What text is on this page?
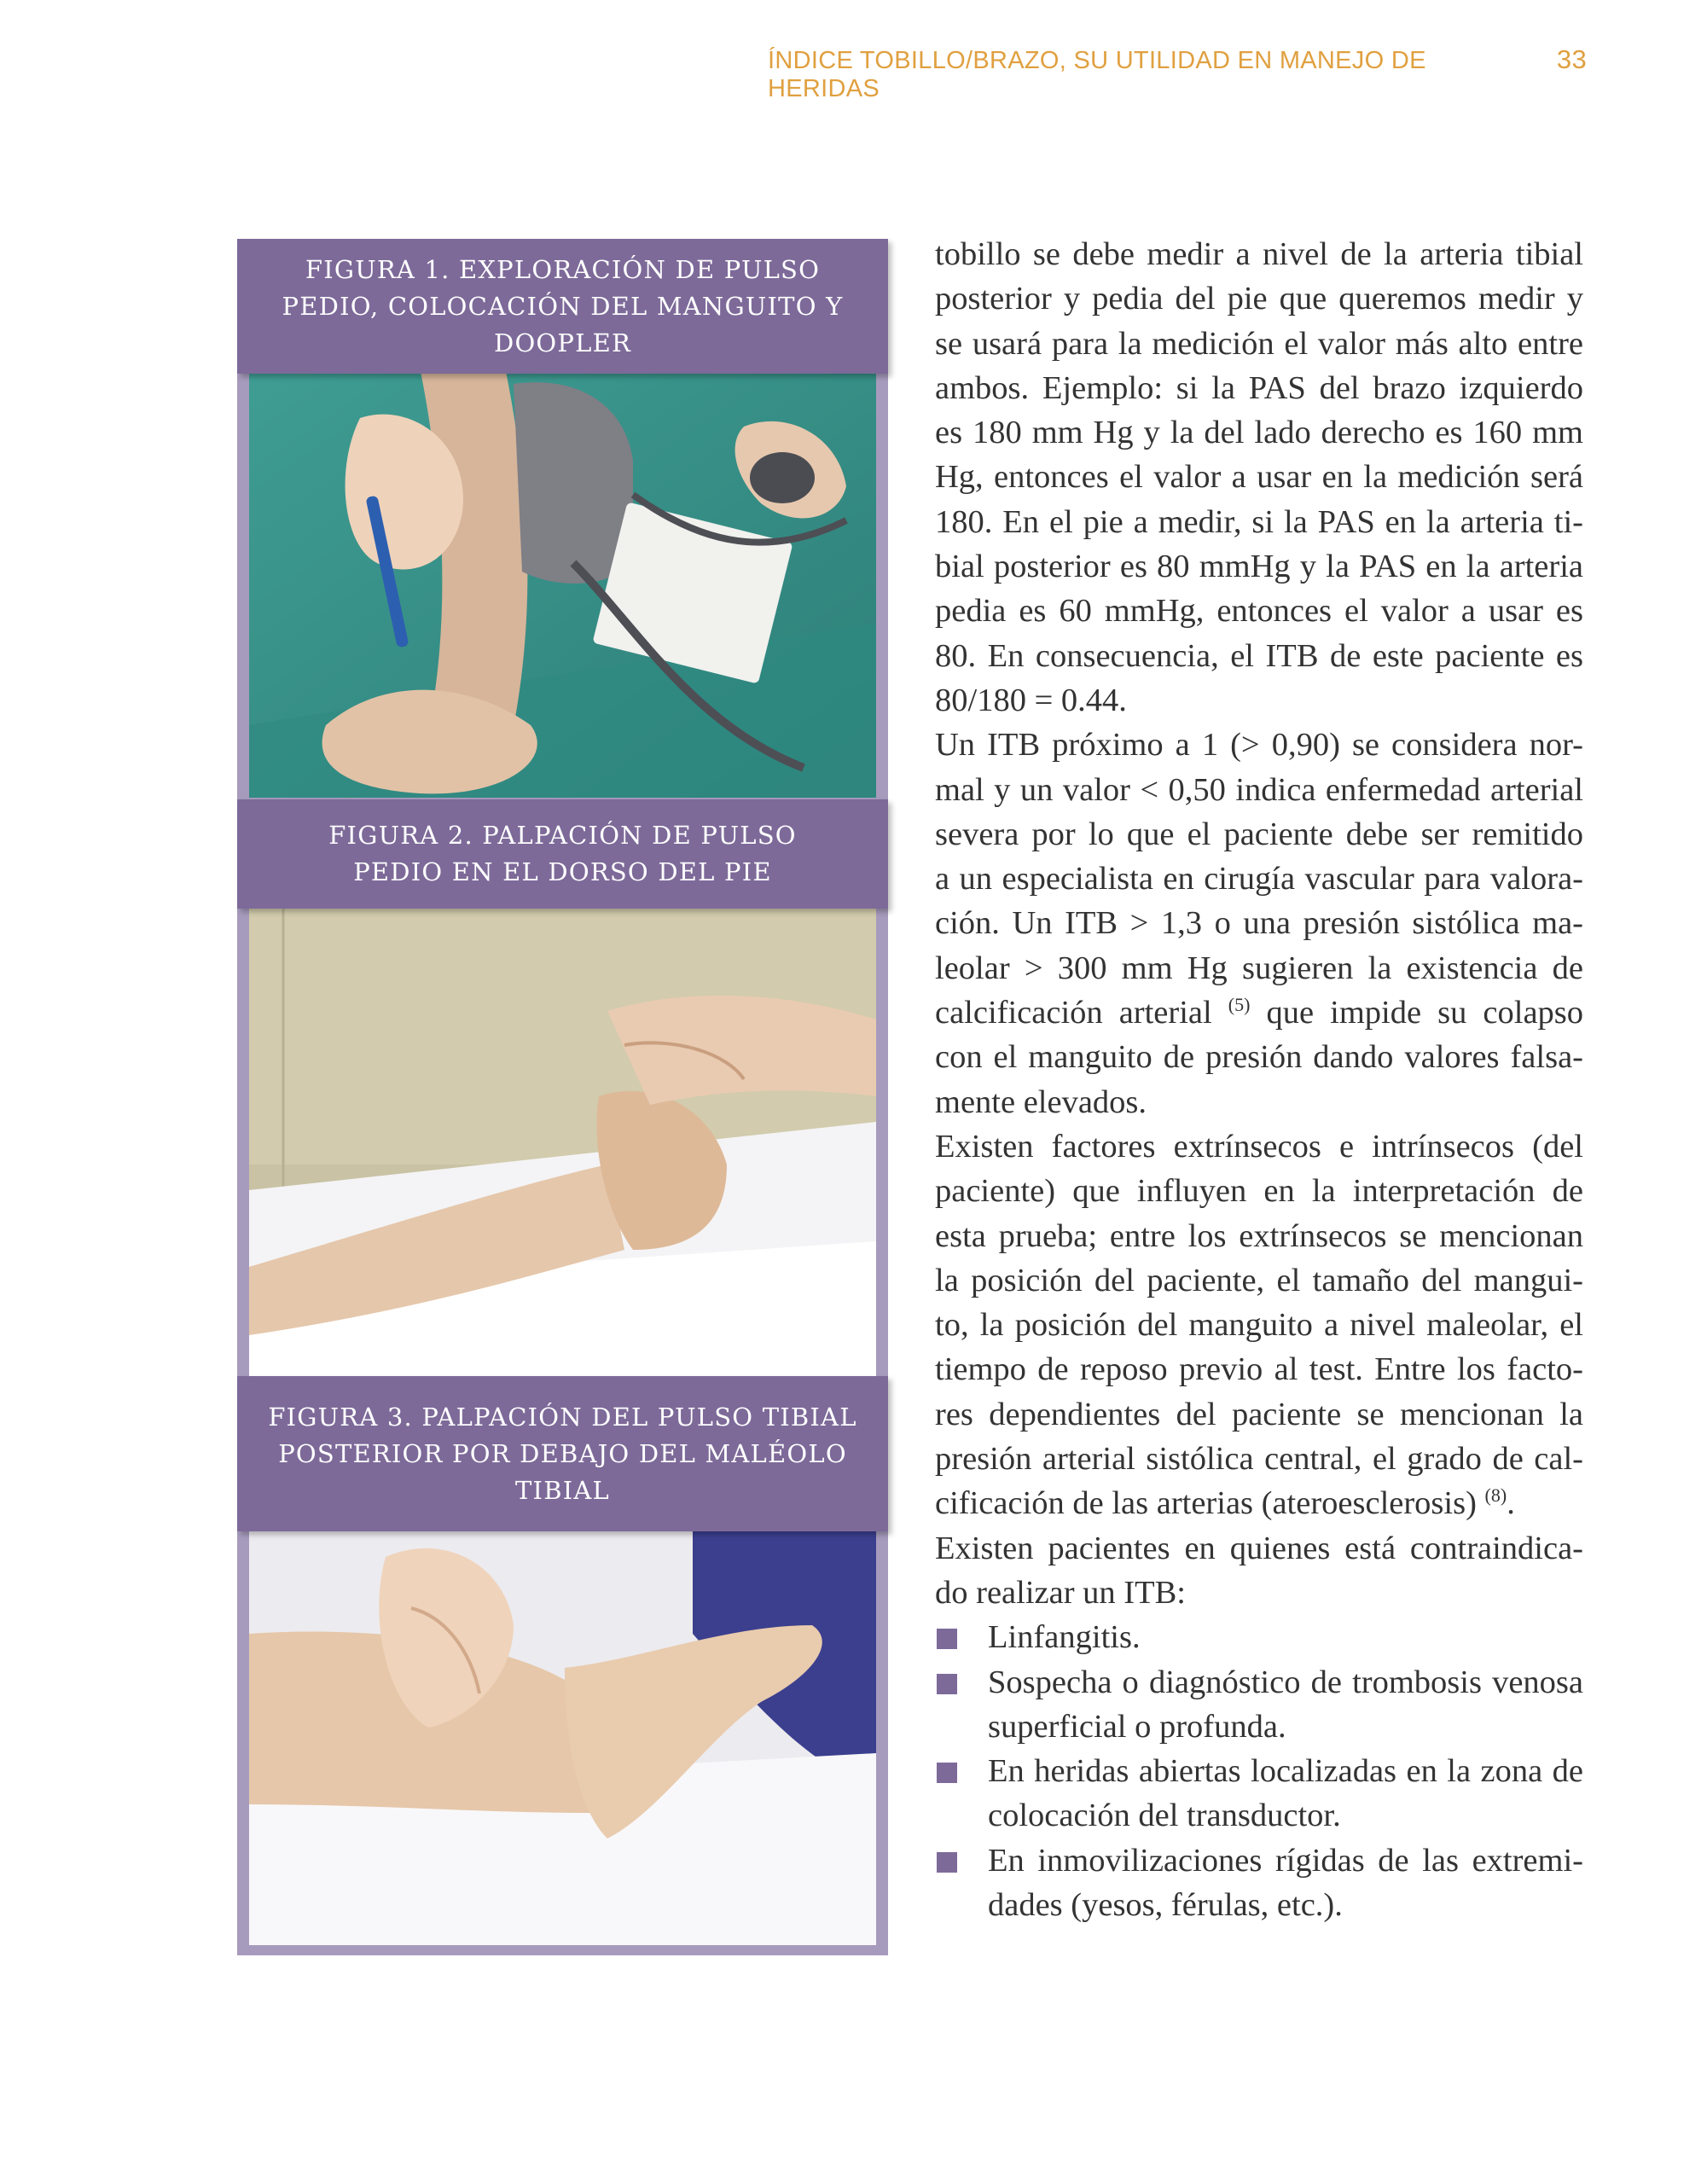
ÍNDICE TOBILLO/BRAZO, SU UTILIDAD EN MANEJO DE HERIDAS
33
FIGURA 1. EXPLORACIÓN DE PULSO
PEDIO, COLOCACIÓN DEL MANGUITO Y
DOOPLER
FIGURA 2. PALPACIÓN DE PULSO
PEDIO EN EL DORSO DEL PIE
FIGURA 3. PALPACIÓN DEL PULSO TIBIAL
POSTERIOR POR DEBAJO DEL MALÉOLO
TIBIAL
tobillo se debe medir a nivel de la arteria tibial
posterior y pedia del pie que queremos medir y
se usará para la medición el valor más alto entre
ambos. Ejemplo: si la PAS del brazo izquierdo
es 180 mm Hg y la del lado derecho es 160 mm
Hg, entonces el valor a usar en la medición será
180. En el pie a medir, si la PAS en la arteria ti-
bial posterior es 80 mmHg y la PAS en la arteria
pedia es 60 mmHg, entonces el valor a usar es
80. En consecuencia, el ITB de este paciente es
80/180 = 0.44.
Un ITB próximo a 1 (> 0,90) se considera nor-
mal y un valor < 0,50 indica enfermedad arterial
severa por lo que el paciente debe ser remitido
a un especialista en cirugía vascular para valora-
ción. Un ITB > 1,3 o una presión sistólica ma-
leolar > 300 mm Hg sugieren la existencia de
calcificación arterial $^{(5)}$ que impide su colapso
con el manguito de presión dando valores falsa-
mente elevados.
Existen factores extrínsecos e intrínsecos (del
paciente) que influyen en la interpretación de
esta prueba; entre los extrínsecos se mencionan
la posición del paciente, el tamaño del mangui-
to, la posición del manguito a nivel maleolar, el
tiempo de reposo previo al test. Entre los facto-
res dependientes del paciente se mencionan la
presión arterial sistólica central, el grado de cal-
cificación de las arterias (ateroesclerosis) $^{(8)}$.
Existen pacientes en quienes está contraindica-
do realizar un ITB:
Linfangitis.
Sospecha o diagnóstico de trombosis venosa
superficial o profunda.
En heridas abiertas localizadas en la zona de
colocación del transductor.
En inmovilizaciones rígidas de las extremi-
dades (yesos, férulas, etc.).
